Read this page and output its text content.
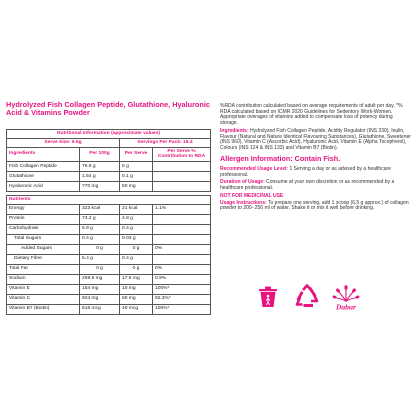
Hydrolyzed Fish Collagen Peptide, Glutathione, Hyaluronic Acid & Vitamins Powder
Nutritional Information (approximate values)			
Serve Size: 6.5g		Servings Per Pack: 15.4	
Ingredients	Per 100g	Per Serve	Per Serve % Contribution to RDA
Fish Collagen Peptide	76.9 g	5 g	
Glutathione	1.54 g	0.1 g	
Hyaluronic Acid	770 mg	50 mg	

Nutrients			
Energy	323 kcal	21 kcal	1.1%
Protein	73.2 g	4.8 g	
Carbohydrate	5.9 g	0.4 g	
Total Sugars	0.4 g	0.03 g	
Added Sugars	0 g	0 g	0%
Dietary Fibre	5.4 g	0.4 g	
Total Fat	0 g	0 g	0%
Sodium	269.5 mg	17.5 mg	0.9%
Vitamin E	154 mg	10 mg	100%*
Vitamin C	924 mg	60 mg	92.3%*
Vitamin B7 (Biotin)	616 mcg	40 mcg	100%*

%RDA contribution calculated based on average requirements of adult per day. *% RDA calculated based on ICMR 2020 Guidelines for Sedentory Work-Women. Appropriate overages of vitamins added to compensate loss of potency during storage.

Ingredients: Hydrolyzed Fish Collagen Peptide, Acidity Regulator (INS 330), Inulin, Flavour (Natural and Nature Identical Flavouring Substances), Glutathione, Sweetener (INS 960), Vitamin C (Ascorbic Acid), Hyaluronic Acid, Vitamin E (Alpha Tocopherol), Colours (INS 124 & INS 133) and Vitamin B7 (Biotin).

Allergen Information: Contain Fish.

Recommended Usage Level: 1 Serving a day or as advised by a healthcare professional.

Duration of Usage: Consume at your own discretion or as recommended by a healthcare professional.

NOT FOR MEDICINAL USE

Usage Instructions: To prepare one serving, add 1 scoop (6.5 g approx.) of collagen powder to 200- 250 ml of water. Shake it or mix it well before drinking.

Dabur
